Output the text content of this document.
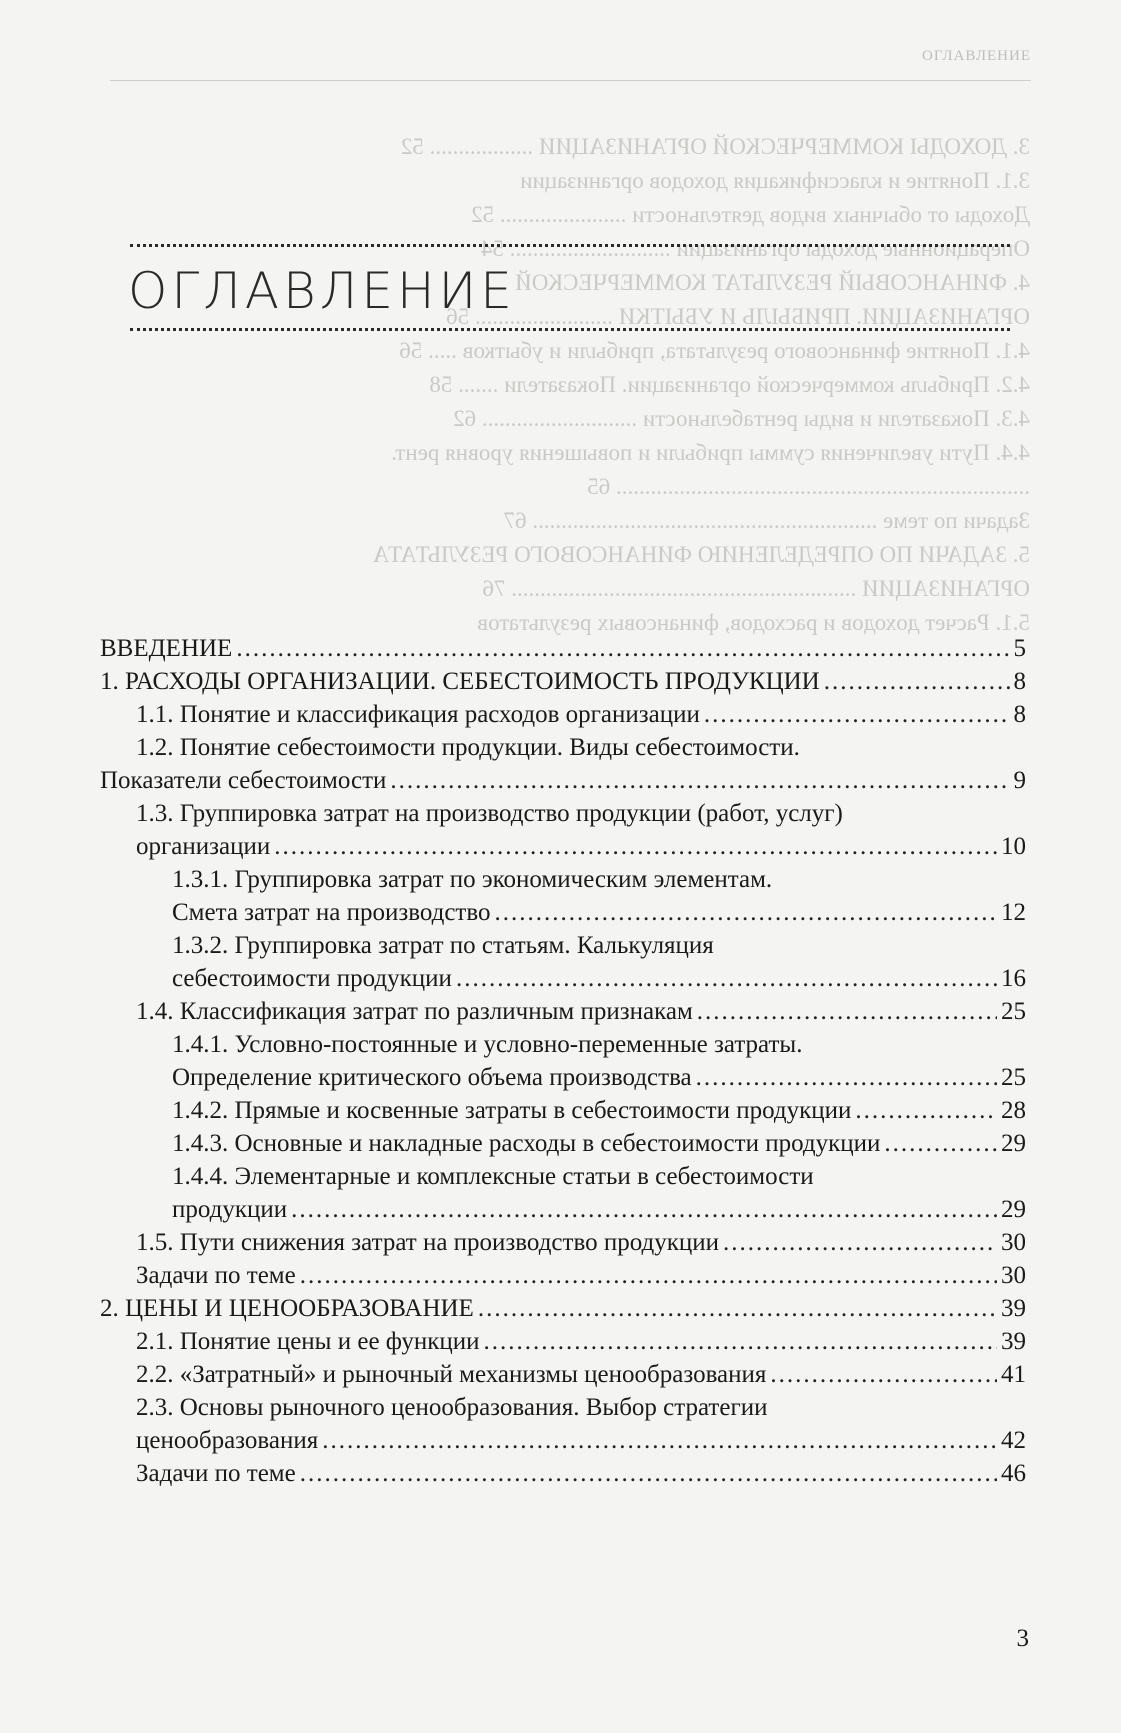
3. ДОХОДЫ КОММЕРЧЕСКОЙ ОРГАНИЗАЦИИ .................. 52
3.1. Понятие и классификация доходов организации
Доходы от обычных видов деятельности ...................... 52
Операционные доходы организации ............................ 54
4. ФИНАНСОВЫЙ РЕЗУЛЬТАТ КОММЕРЧЕСКОЙ
ОРГАНИЗАЦИИ. ПРИБЫЛЬ И УБЫТКИ ........................ 56
4.1. Понятие финансового результата, прибыли и убытков ..... 56
4.2. Прибыль коммерческой организации. Показатели ....... 58
4.3. Показатели и виды рентабельности ........................... 62
4.4. Пути увеличения суммы прибыли и повышения уровня рент.
........................................................................ 65
Задачи по теме ............................................................ 67
5. ЗАДАЧИ ПО ОПРЕДЕЛЕНИЮ ФИНАНСОВОГО РЕЗУЛЬТАТА
ОРГАНИЗАЦИИ ............................................................ 76
5.1. Расчет доходов и расходов, финансовых результатов
ОГЛАВЛЕНИЕ
ОГЛАВЛЕНИЕ
ВВЕДЕНИЕ .....	5
1. РАСХОДЫ ОРГАНИЗАЦИИ. СЕБЕСТОИМОСТЬ ПРОДУКЦИИ .....	8
1.1. Понятие и классификация расходов организации .....	8
1.2. Понятие себестоимости продукции. Виды себестоимости.
Показатели себестоимости .....	9
1.3. Группировка затрат на производство продукции (работ, услуг)
организации .....	10
1.3.1. Группировка затрат по экономическим элементам.
Смета затрат на производство .....	12
1.3.2. Группировка затрат по статьям. Калькуляция
себестоимости продукции .....	16
1.4. Классификация затрат по различным признакам .....	25
1.4.1. Условно-постоянные и условно-переменные затраты.
Определение критического объема производства .....	25
1.4.2. Прямые и косвенные затраты в себестоимости продукции .....	28
1.4.3. Основные и накладные расходы в себестоимости продукции .....	29
1.4.4. Элементарные и комплексные статьи в себестоимости
продукции .....	29
1.5. Пути снижения затрат на производство продукции .....	30
Задачи по теме .....	30
2. ЦЕНЫ И ЦЕНООБРАЗОВАНИЕ .....	39
2.1. Понятие цены и ее функции .....	39
2.2. «Затратный» и рыночный механизмы ценообразования .....	41
2.3. Основы рыночного ценообразования. Выбор стратегии
ценообразования .....	42
Задачи по теме .....	46
3
